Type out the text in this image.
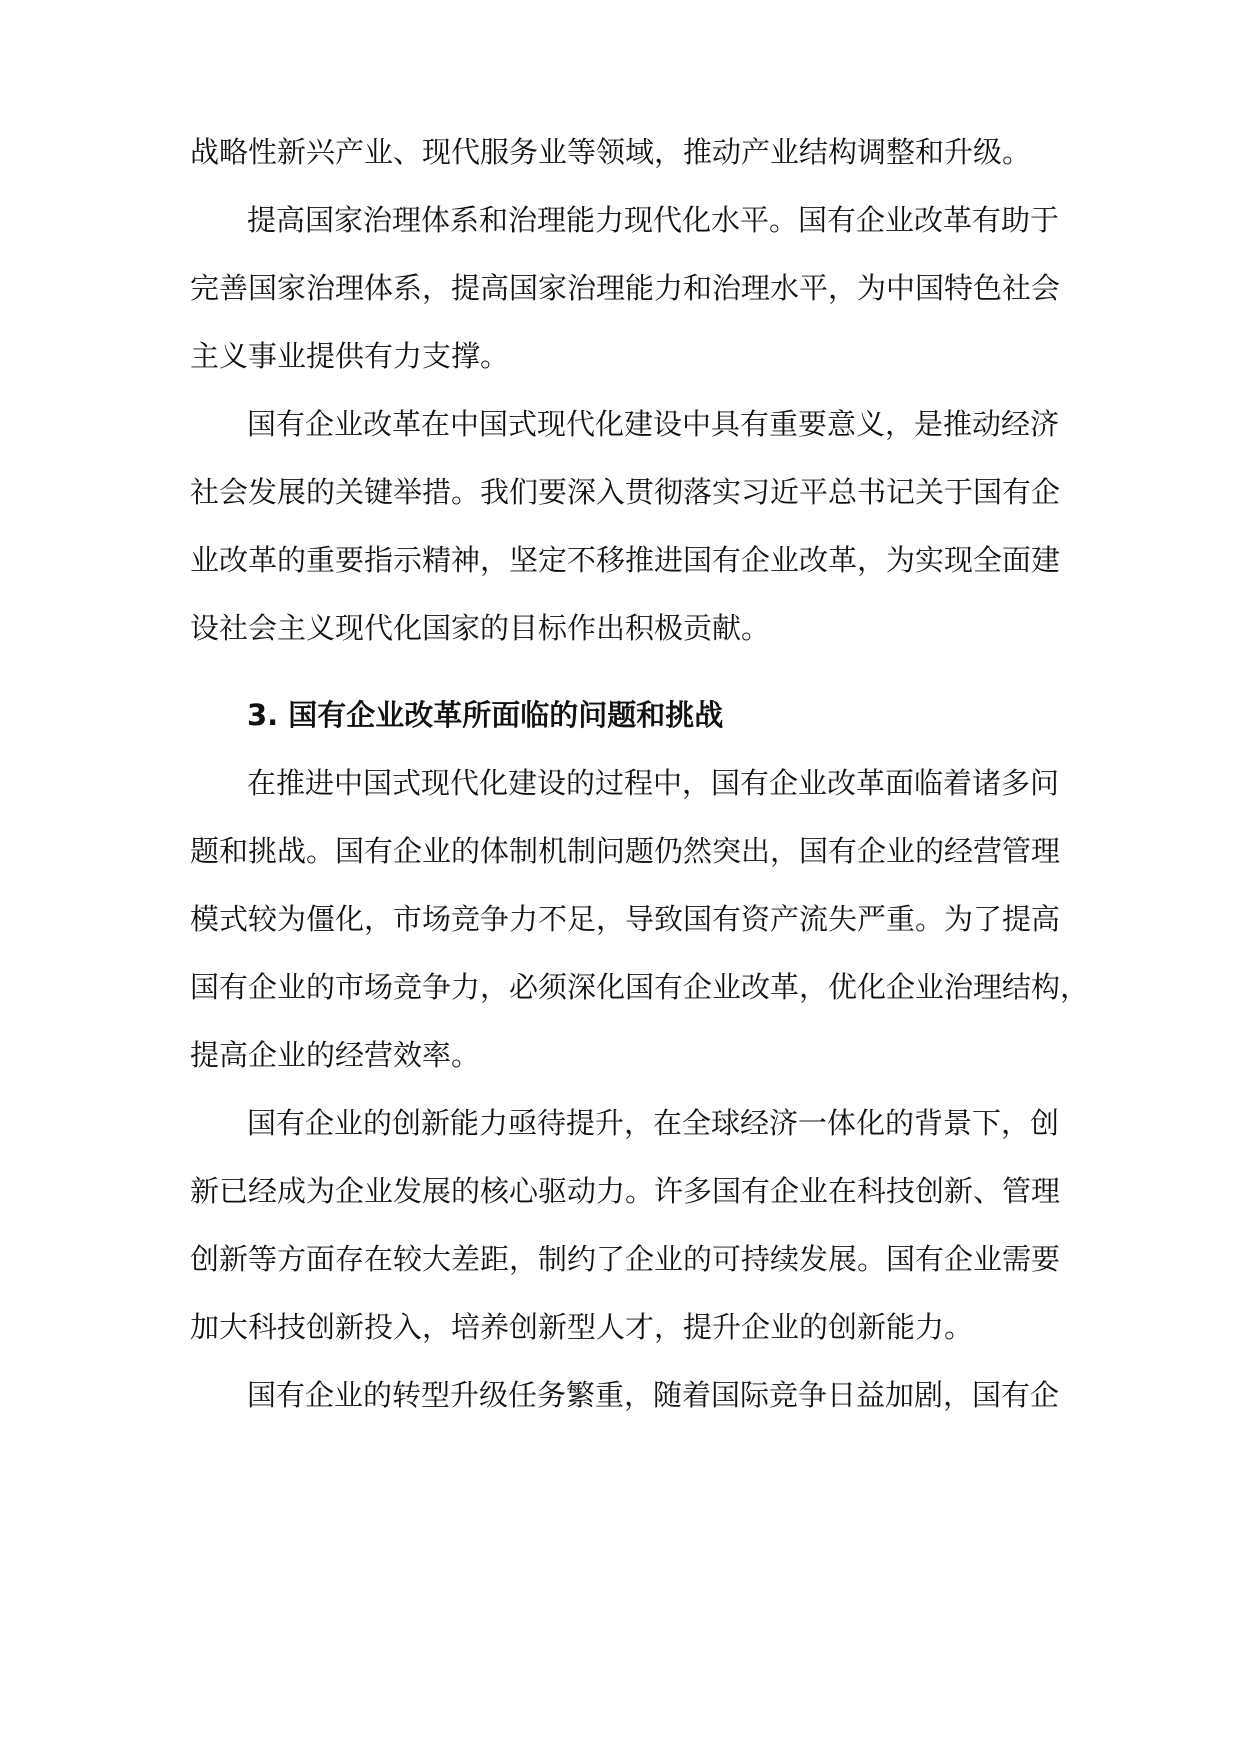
战略性新兴产业、现代服务业等领域，推动产业结构调整和升级。
提高国家治理体系和治理能力现代化水平。国有企业改革有助于
完善国家治理体系，提高国家治理能力和治理水平，为中国特色社会
主义事业提供有力支撑。
国有企业改革在中国式现代化建设中具有重要意义，是推动经济
社会发展的关键举措。我们要深入贯彻落实习近平总书记关于国有企
业改革的重要指示精神，坚定不移推进国有企业改革，为实现全面建
设社会主义现代化国家的目标作出积极贡献。
3. 国有企业改革所面临的问题和挑战
在推进中国式现代化建设的过程中，国有企业改革面临着诸多问
题和挑战。国有企业的体制机制问题仍然突出，国有企业的经营管理
模式较为僵化，市场竞争力不足，导致国有资产流失严重。为了提高
国有企业的市场竞争力，必须深化国有企业改革，优化企业治理结构，
提高企业的经营效率。
国有企业的创新能力亟待提升，在全球经济一体化的背景下，创
新已经成为企业发展的核心驱动力。许多国有企业在科技创新、管理
创新等方面存在较大差距，制约了企业的可持续发展。国有企业需要
加大科技创新投入，培养创新型人才，提升企业的创新能力。
国有企业的转型升级任务繁重，随着国际竞争日益加剧，国有企
